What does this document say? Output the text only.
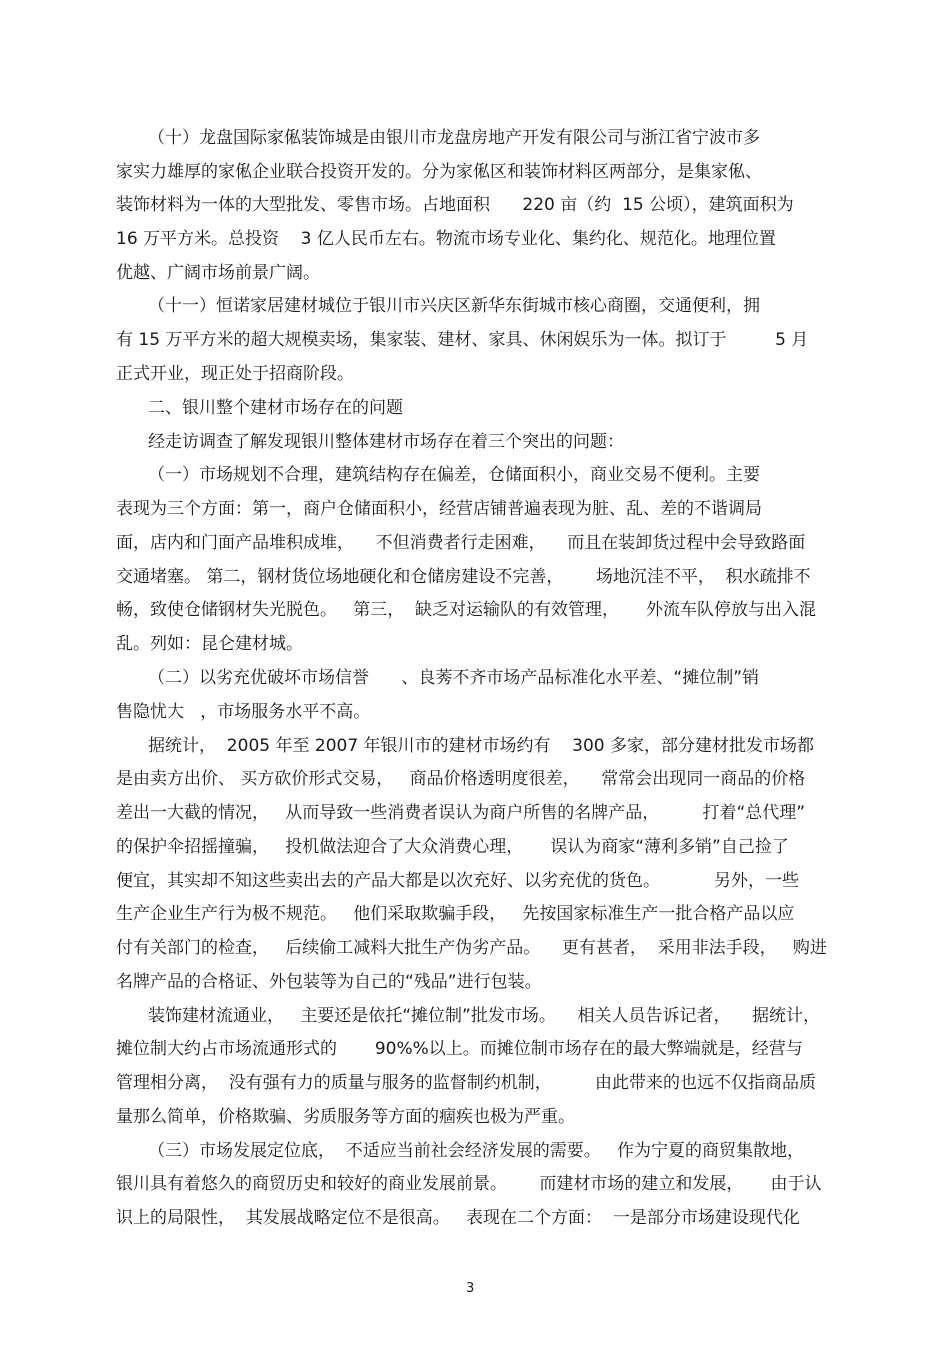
（十）龙盘国际家俬装饰城是由银川市龙盘房地产开发有限公司与浙江省宁波市多
家实力雄厚的家俬企业联合投资开发的。分为家俬区和装饰材料区两部分，是集家俬、
装饰材料为一体的大型批发、零售市场。占地面积      220 亩（约  15 公顷），建筑面积为
16 万平方米。总投资    3 亿人民币左右。物流市场专业化、集约化、规范化。地理位置
优越、广阔市场前景广阔。
（十一）恒诺家居建材城位于银川市兴庆区新华东街城市核心商圈，交通便利，拥
有 15 万平方米的超大规模卖场，集家装、建材、家具、休闲娱乐为一体。拟订于         5 月
正式开业，现正处于招商阶段。
二、银川整个建材市场存在的问题
经走访调查了解发现银川整体建材市场存在着三个突出的问题：
（一）市场规划不合理，建筑结构存在偏差，仓储面积小，商业交易不便利。主要
表现为三个方面：第一，商户仓储面积小，经营店铺普遍表现为脏、乱、差的不谐调局
面，店内和门面产品堆积成堆，    不但消费者行走困难，    而且在装卸货过程中会导致路面
交通堵塞。 第二，钢材货位场地硬化和仓储房建设不完善，      场地沉洼不平，  积水疏排不
畅，致使仓储钢材失光脱色。   第三，  缺乏对运输队的有效管理，     外流车队停放与出入混
乱。列如：昆仑建材城。
（二）以劣充优破坏市场信誉      、良莠不齐市场产品标准化水平差、“摊位制”销
售隐忧大   ，市场服务水平不高。
据统计，  2005 年至 2007 年银川市的建材市场约有    300 多家，部分建材批发市场都
是由卖方出价、 买方砍价形式交易，   商品价格透明度很差，    常常会出现同一商品的价格
差出一大截的情况，   从而导致一些消费者误认为商户所售的名牌产品，        打着“总代理”
的保护伞招摇撞骗，   投机做法迎合了大众消费心理，     误认为商家“薄利多销”自己捡了
便宜，其实却不知这些卖出去的产品大都是以次充好、以劣充优的货色。          另外，一些
生产企业生产行为极不规范。   他们采取欺骗手段，   先按国家标准生产一批合格产品以应
付有关部门的检查，   后续偷工减料大批生产伪劣产品。    更有甚者，  采用非法手段，   购进
名牌产品的合格证、外包装等为自己的“残品”进行包装。
装饰建材流通业，   主要还是依托“摊位制”批发市场。    相关人员告诉记者，    据统计，
摊位制大约占市场流通形式的       90%%以上。而摊位制市场存在的最大弊端就是，经营与
管理相分离，  没有强有力的质量与服务的监督制约机制，        由此带来的也远不仅指商品质
量那么简单，价格欺骗、劣质服务等方面的痼疾也极为严重。
（三）市场发展定位底，  不适应当前社会经济发展的需要。   作为宁夏的商贸集散地，
银川具有着悠久的商贸历史和较好的商业发展前景。      而建材市场的建立和发展，     由于认
识上的局限性，  其发展战略定位不是很高。   表现在二个方面：  一是部分市场建设现代化
3
